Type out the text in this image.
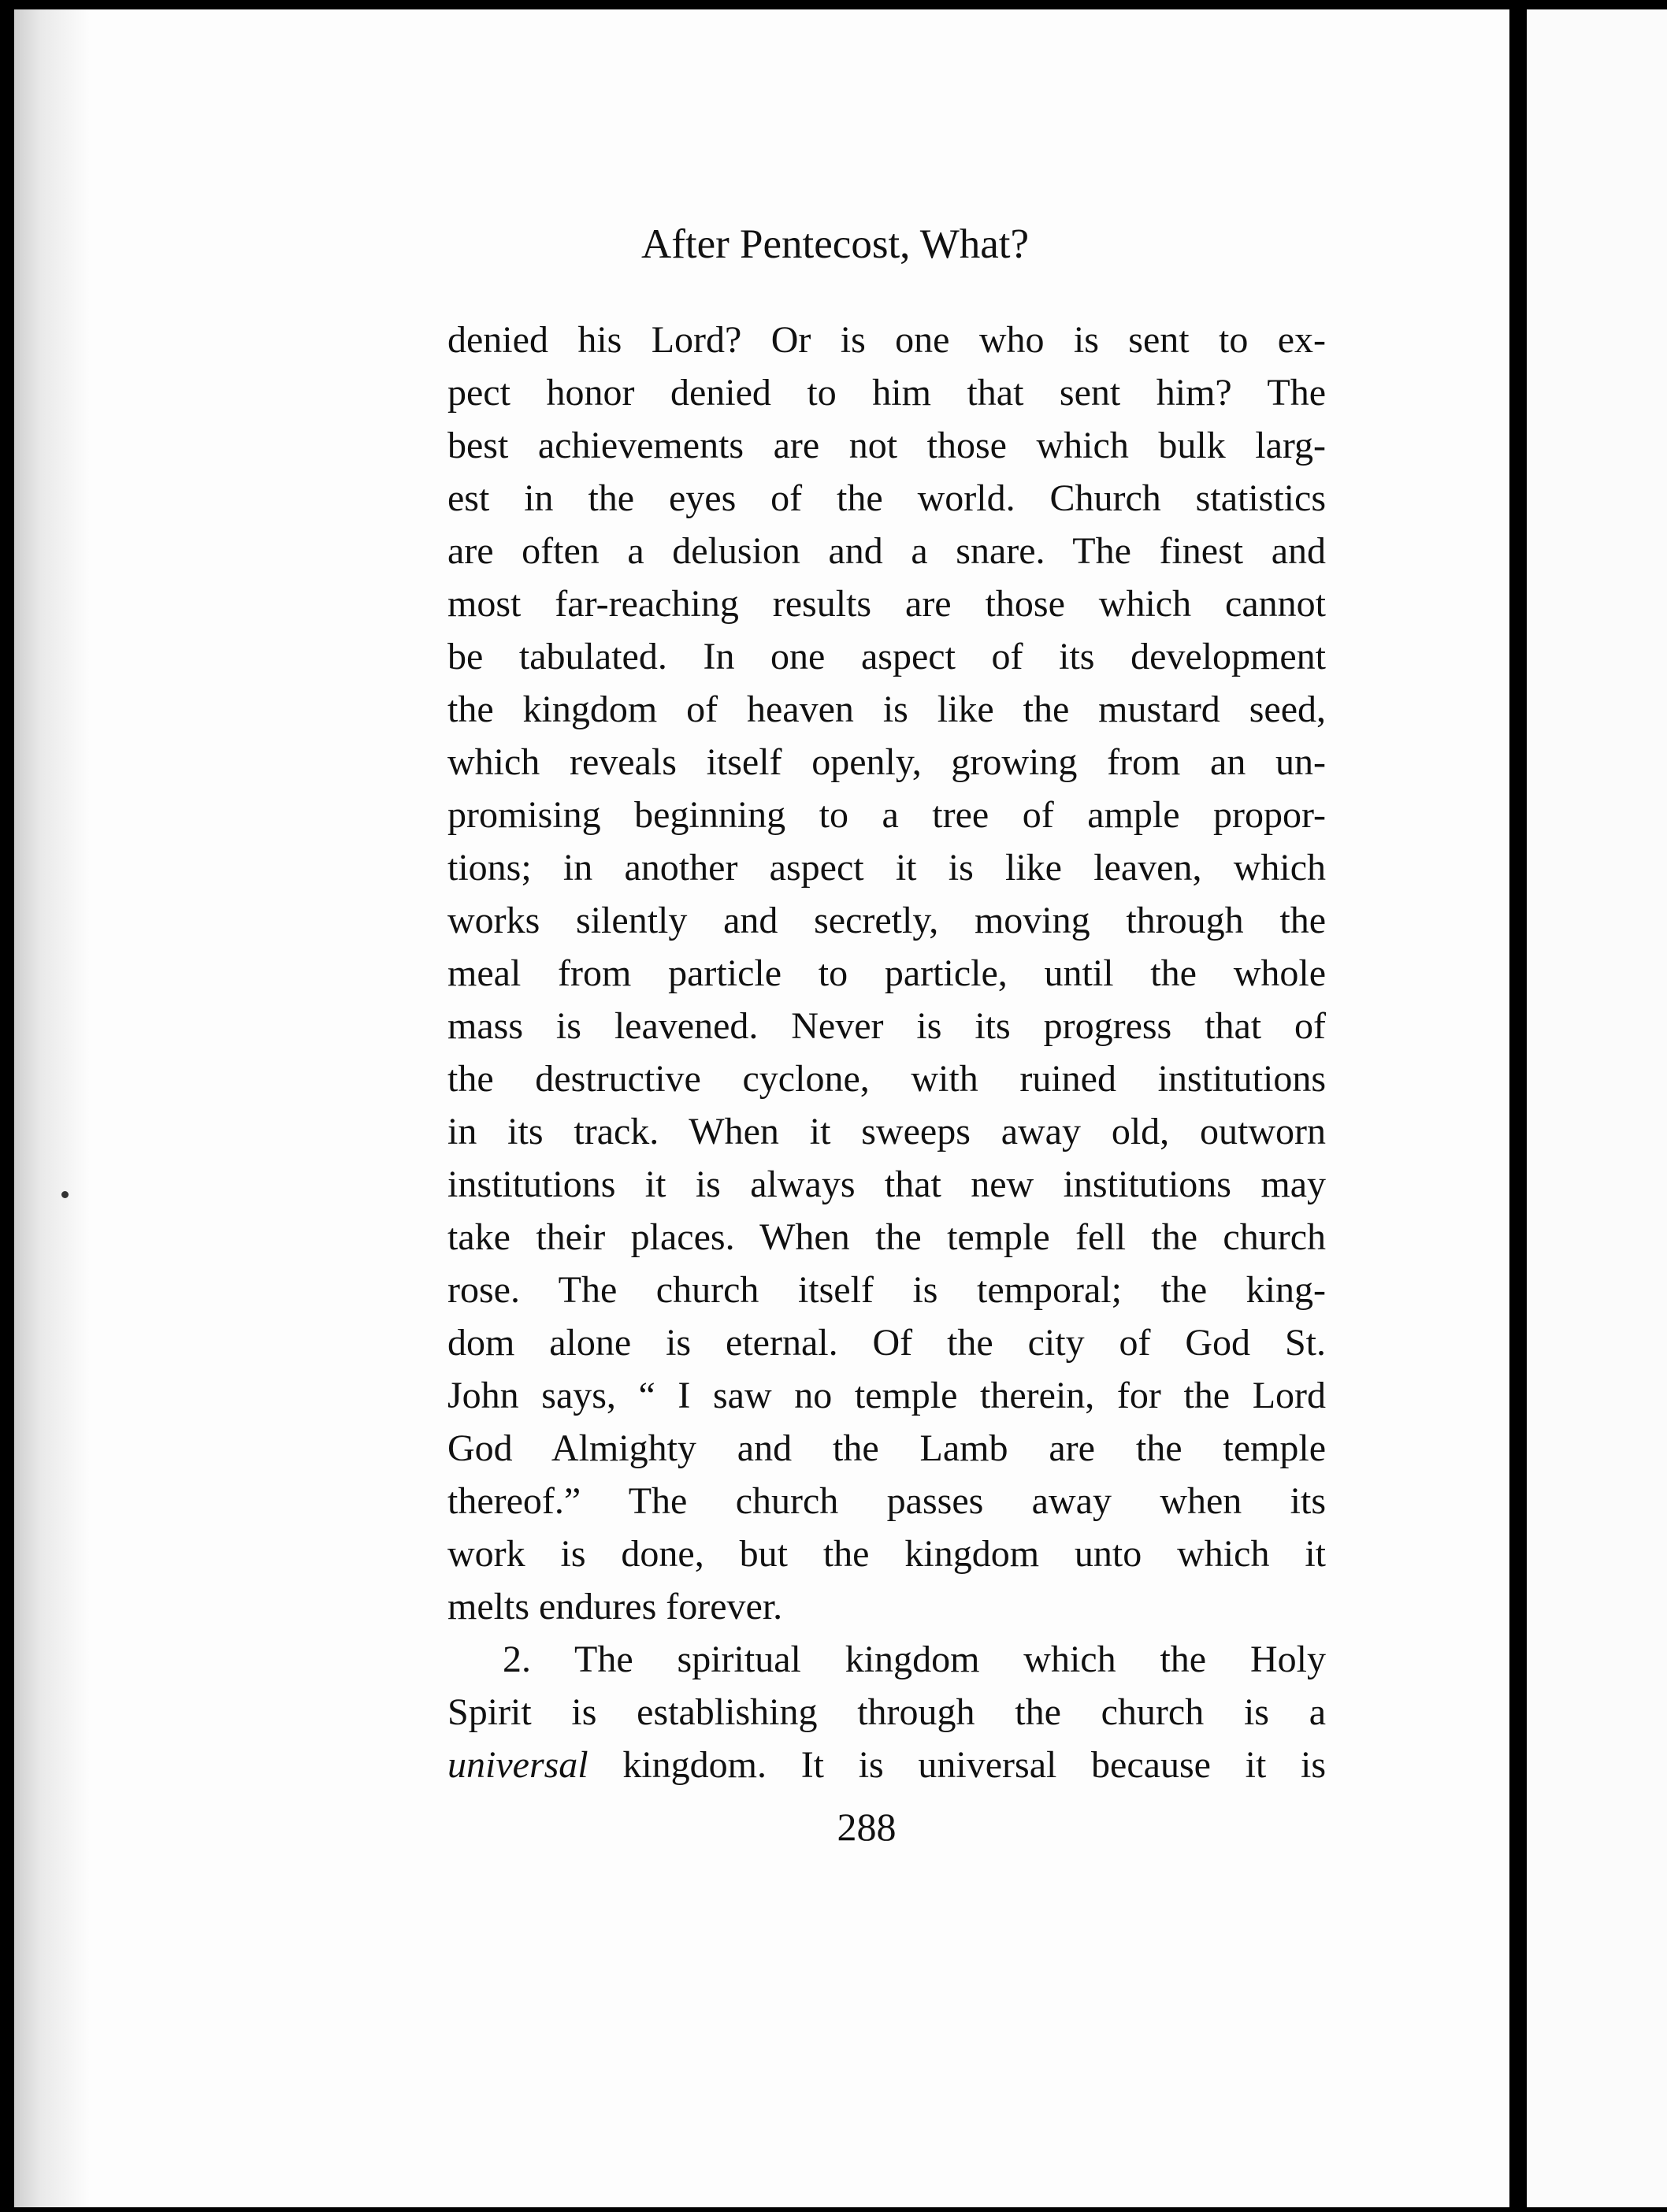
After Pentecost, What?
denied his Lord? Or is one who is sent to ex-
pect honor denied to him that sent him? The
best achievements are not those which bulk larg-
est in the eyes of the world. Church statistics
are often a delusion and a snare. The finest and
most far-reaching results are those which cannot
be tabulated. In one aspect of its development
the kingdom of heaven is like the mustard seed,
which reveals itself openly, growing from an un-
promising beginning to a tree of ample propor-
tions; in another aspect it is like leaven, which
works silently and secretly, moving through the
meal from particle to particle, until the whole
mass is leavened. Never is its progress that of
the destructive cyclone, with ruined institutions
in its track. When it sweeps away old, outworn
institutions it is always that new institutions may
take their places. When the temple fell the church
rose. The church itself is temporal; the king-
dom alone is eternal. Of the city of God St.
John says, “ I saw no temple therein, for the Lord
God Almighty and the Lamb are the temple
thereof.” The church passes away when its
work is done, but the kingdom unto which it
melts endures forever.
2. The spiritual kingdom which the Holy
Spirit is establishing through the church is a
universal kingdom. It is universal because it is
288
